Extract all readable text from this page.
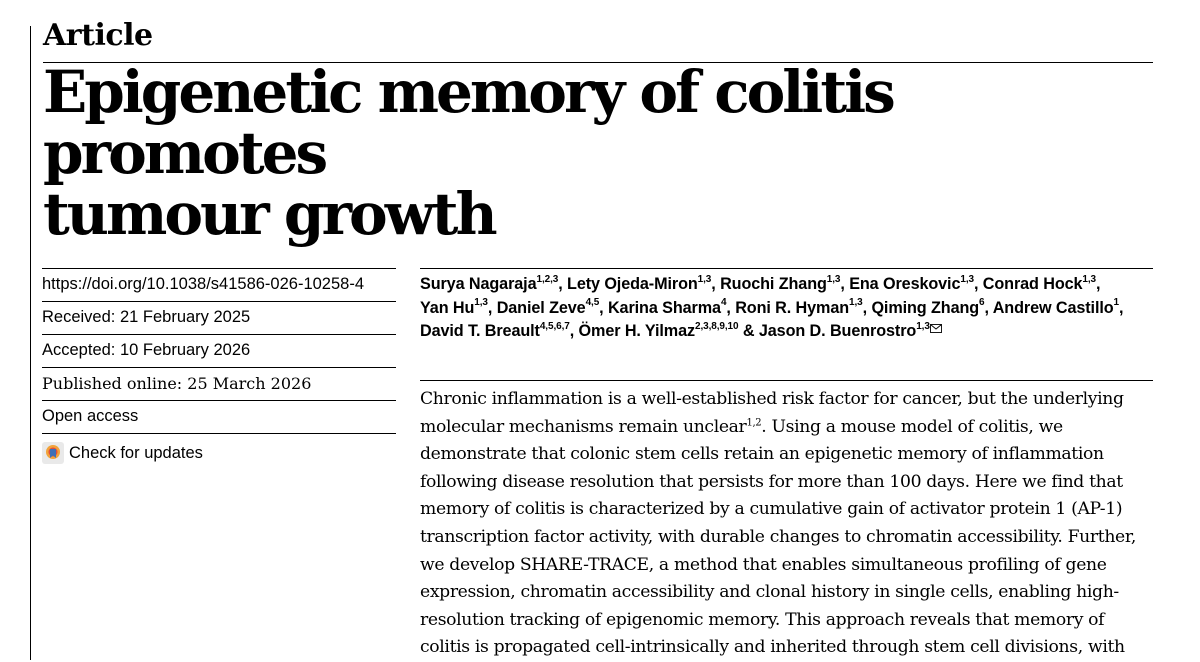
Article
Epigenetic memory of colitis promotes
tumour growth
https://doi.org/10.1038/s41586-026-10258-4
Received: 21 February 2025
Accepted: 10 February 2026
Published online: 25 March 2026
Open access
Check for updates
Surya Nagaraja$^{1,2,3}$, Lety Ojeda-Miron$^{1,3}$, Ruochi Zhang$^{1,3}$, Ena Oreskovic$^{1,3}$, Conrad Hock$^{1,3}$,
Yan Hu$^{1,3}$, Daniel Zeve$^{4,5}$, Karina Sharma$^4$, Roni R. Hyman$^{1,3}$, Qiming Zhang$^6$, Andrew Castillo$^1$,
David T. Breault$^{4,5,6,7}$, Ömer H. Yilmaz$^{2,3,8,9,10}$ & Jason D. Buenrostro$^{1,3}$
Chronic inflammation is a well-established risk factor for cancer, but the underlying
molecular mechanisms remain unclear$^{1,2}$. Using a mouse model of colitis, we
demonstrate that colonic stem cells retain an epigenetic memory of inflammation
following disease resolution that persists for more than 100 days. Here we find that
memory of colitis is characterized by a cumulative gain of activator protein 1 (AP-1)
transcription factor activity, with durable changes to chromatin accessibility. Further,
we develop SHARE-TRACE, a method that enables simultaneous profiling of gene
expression, chromatin accessibility and clonal history in single cells, enabling high-
resolution tracking of epigenomic memory. This approach reveals that memory of
colitis is propagated cell-intrinsically and inherited through stem cell divisions, with
